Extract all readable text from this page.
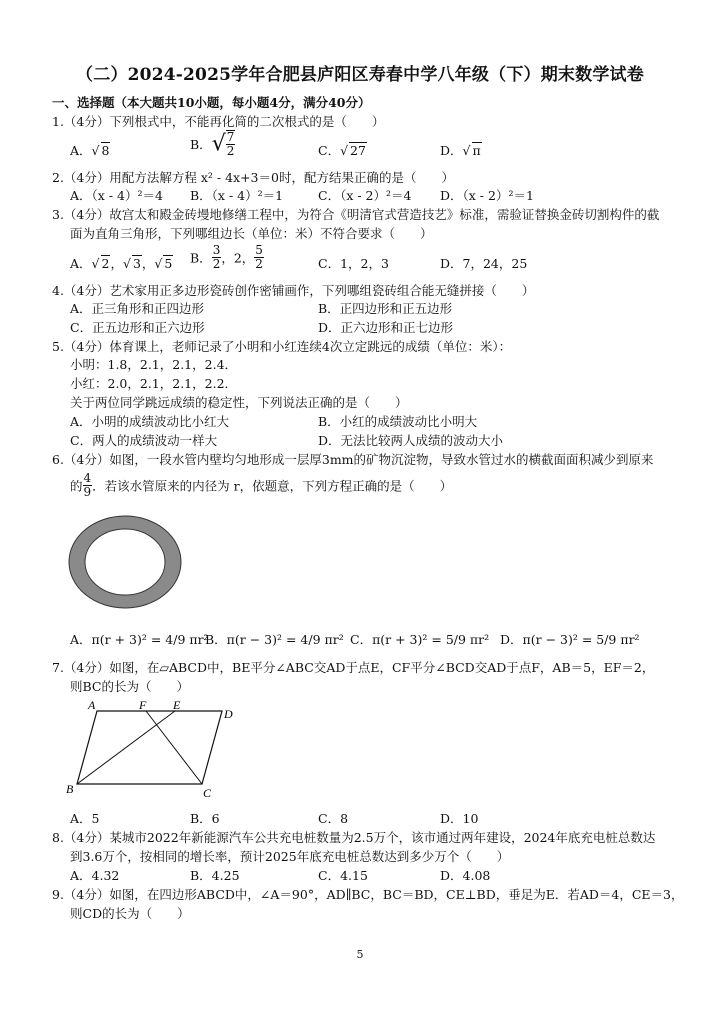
（二）2024-2025学年合肥县庐阳区寿春中学八年级（下）期末数学试卷
一、选择题（本大题共10小题，每小题4分，满分40分）
1.（4分）下列根式中，不能再化简的二次根式的是（　　）
A．√ 8	B．√ $\frac{7}{2}$	C．√ 27	D．√ π
2.（4分）用配方法解方程 x² - 4x+3＝0时，配方结果正确的是（　　）
A．（x - 4）²＝4 B．（x - 4）²＝1	C．（x - 2）²＝4 D．（x - 2）²＝1
3.（4分）故宫太和殿金砖墁地修缮工程中，为符合《明清官式营造技艺》标准，需验证替换金砖切割构件的截
面为直角三角形，下列哪组边长（单位：米）不符合要求（　　）
A．√ 2，√ 3，√ 5 B． $\frac{3}{2}$ ，2， $\frac{5}{2}$	C．1，2，3	D．7，24，25
4.（4分）艺术家用正多边形瓷砖创作密铺画作，下列哪组瓷砖组合能无缝拼接（　　）
A．正三角形和正四边形	B．正四边形和正五边形
C．正五边形和正六边形	D．正六边形和正七边形
5.（4分）体育课上，老师记录了小明和小红连续4次立定跳远的成绩（单位：米）：
小明：1.8，2.1，2.1，2.4．
小红：2.0，2.1，2.1，2.2．
关于两位同学跳远成绩的稳定性，下列说法正确的是（　　）
A．小明的成绩波动比小红大	B．小红的成绩波动比小明大
C．两人的成绩波动一样大	D．无法比较两人成绩的波动大小
6.（4分）如图，一段水管内壁均匀地形成一层厚3mm的矿物沉淀物，导致水管过水的横截面面积减少到原来
的 $\frac{4}{9}$ ．若该水管原来的内径为 r，依题意，下列方程正确的是（　　）
A．π(r + 3)² = 4/9 πr²
B．π(r − 3)² = 4/9 πr² C．π(r + 3)² = 5/9 πr² D．π(r − 3)² = 5/9 πr²
7.（4分）如图，在▱ABCD中，BE平分∠ABC交AD于点E，CF平分∠BCD交AD于点F，AB＝5，EF＝2，
则BC的长为（　　）
A	F E
D
B	C
A．5	B．6	C．8	D．10
8.（4分）某城市2022年新能源汽车公共充电桩数量为2.5万个，该市通过两年建设，2024年底充电桩总数达
到3.6万个，按相同的增长率，预计2025年底充电桩总数达到多少万个（　　）
A．4.32	B．4.25	C．4.15	D．4.08
9.（4分）如图，在四边形ABCD中，∠A＝90°，AD∥BC，BC＝BD，CE⊥BD，垂足为E．若AD＝4，CE＝3，
则CD的长为（　　）
5
